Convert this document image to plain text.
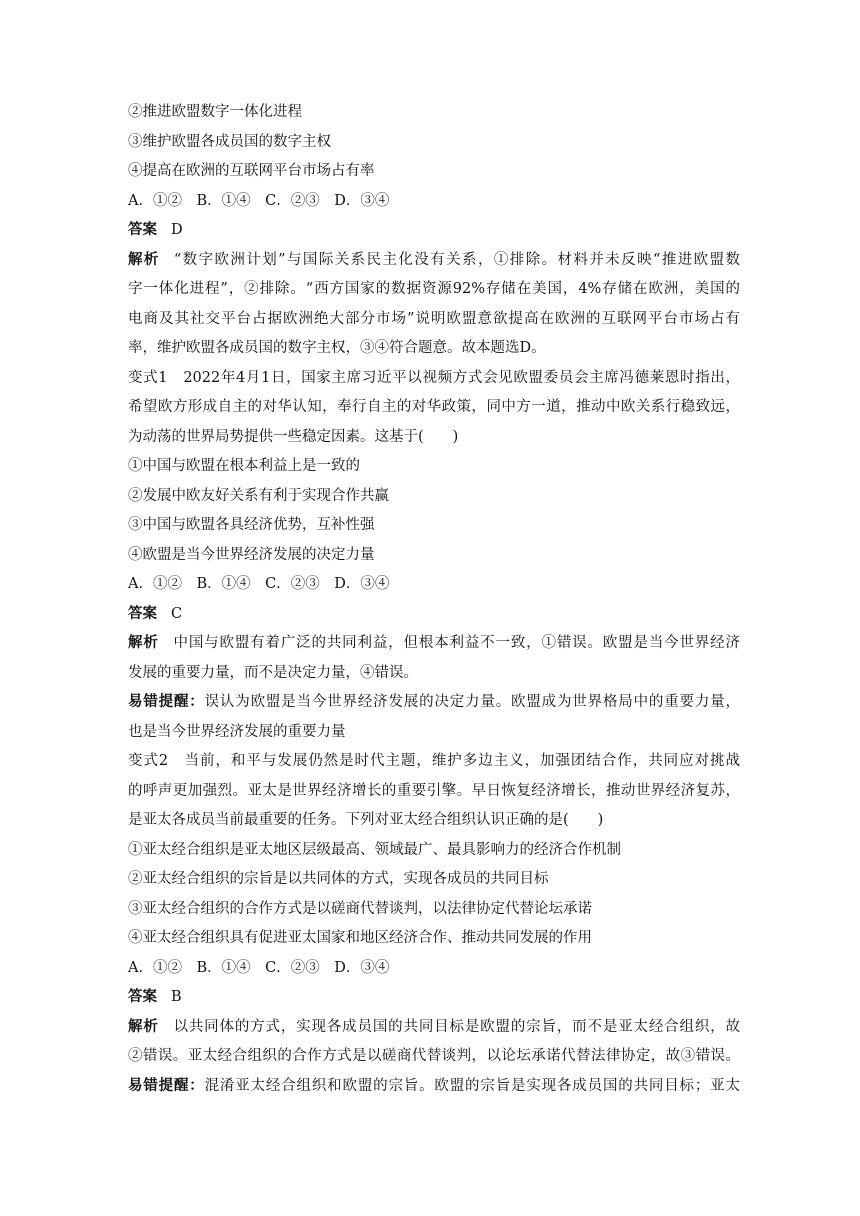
②推进欧盟数字一体化进程
③维护欧盟各成员国的数字主权
④提高在欧洲的互联网平台市场占有率
A．①②　B．①④　C．②③　D．③④
答案 D
解析 “数字欧洲计划”与国际关系民主化没有关系，①排除。材料并未反映“推进欧盟数
字一体化进程”，②排除。“西方国家的数据资源92%存储在美国，4%存储在欧洲，美国的
电商及其社交平台占据欧洲绝大部分市场”说明欧盟意欲提高在欧洲的互联网平台市场占有
率，维护欧盟各成员国的数字主权，③④符合题意。故本题选D。
变式1　2022年4月1日，国家主席习近平以视频方式会见欧盟委员会主席冯德莱恩时指出，
希望欧方形成自主的对华认知，奉行自主的对华政策，同中方一道，推动中欧关系行稳致远，
为动荡的世界局势提供一些稳定因素。这基于(　　)
①中国与欧盟在根本利益上是一致的
②发展中欧友好关系有利于实现合作共赢
③中国与欧盟各具经济优势，互补性强
④欧盟是当今世界经济发展的决定力量
A．①②　B．①④　C．②③　D．③④
答案 C
解析 中国与欧盟有着广泛的共同利益，但根本利益不一致，①错误。欧盟是当今世界经济
发展的重要力量，而不是决定力量，④错误。
易错提醒：误认为欧盟是当今世界经济发展的决定力量。欧盟成为世界格局中的重要力量，
也是当今世界经济发展的重要力量
变式2　当前，和平与发展仍然是时代主题，维护多边主义，加强团结合作，共同应对挑战
的呼声更加强烈。亚太是世界经济增长的重要引擎。早日恢复经济增长，推动世界经济复苏，
是亚太各成员当前最重要的任务。下列对亚太经合组织认识正确的是(　　)
①亚太经合组织是亚太地区层级最高、领域最广、最具影响力的经济合作机制
②亚太经合组织的宗旨是以共同体的方式，实现各成员的共同目标
③亚太经合组织的合作方式是以磋商代替谈判，以法律协定代替论坛承诺
④亚太经合组织具有促进亚太国家和地区经济合作、推动共同发展的作用
A．①②　B．①④　C．②③　D．③④
答案 B
解析 以共同体的方式，实现各成员国的共同目标是欧盟的宗旨，而不是亚太经合组织，故
②错误。亚太经合组织的合作方式是以磋商代替谈判，以论坛承诺代替法律协定，故③错误。
易错提醒：混淆亚太经合组织和欧盟的宗旨。欧盟的宗旨是实现各成员国的共同目标；亚太
